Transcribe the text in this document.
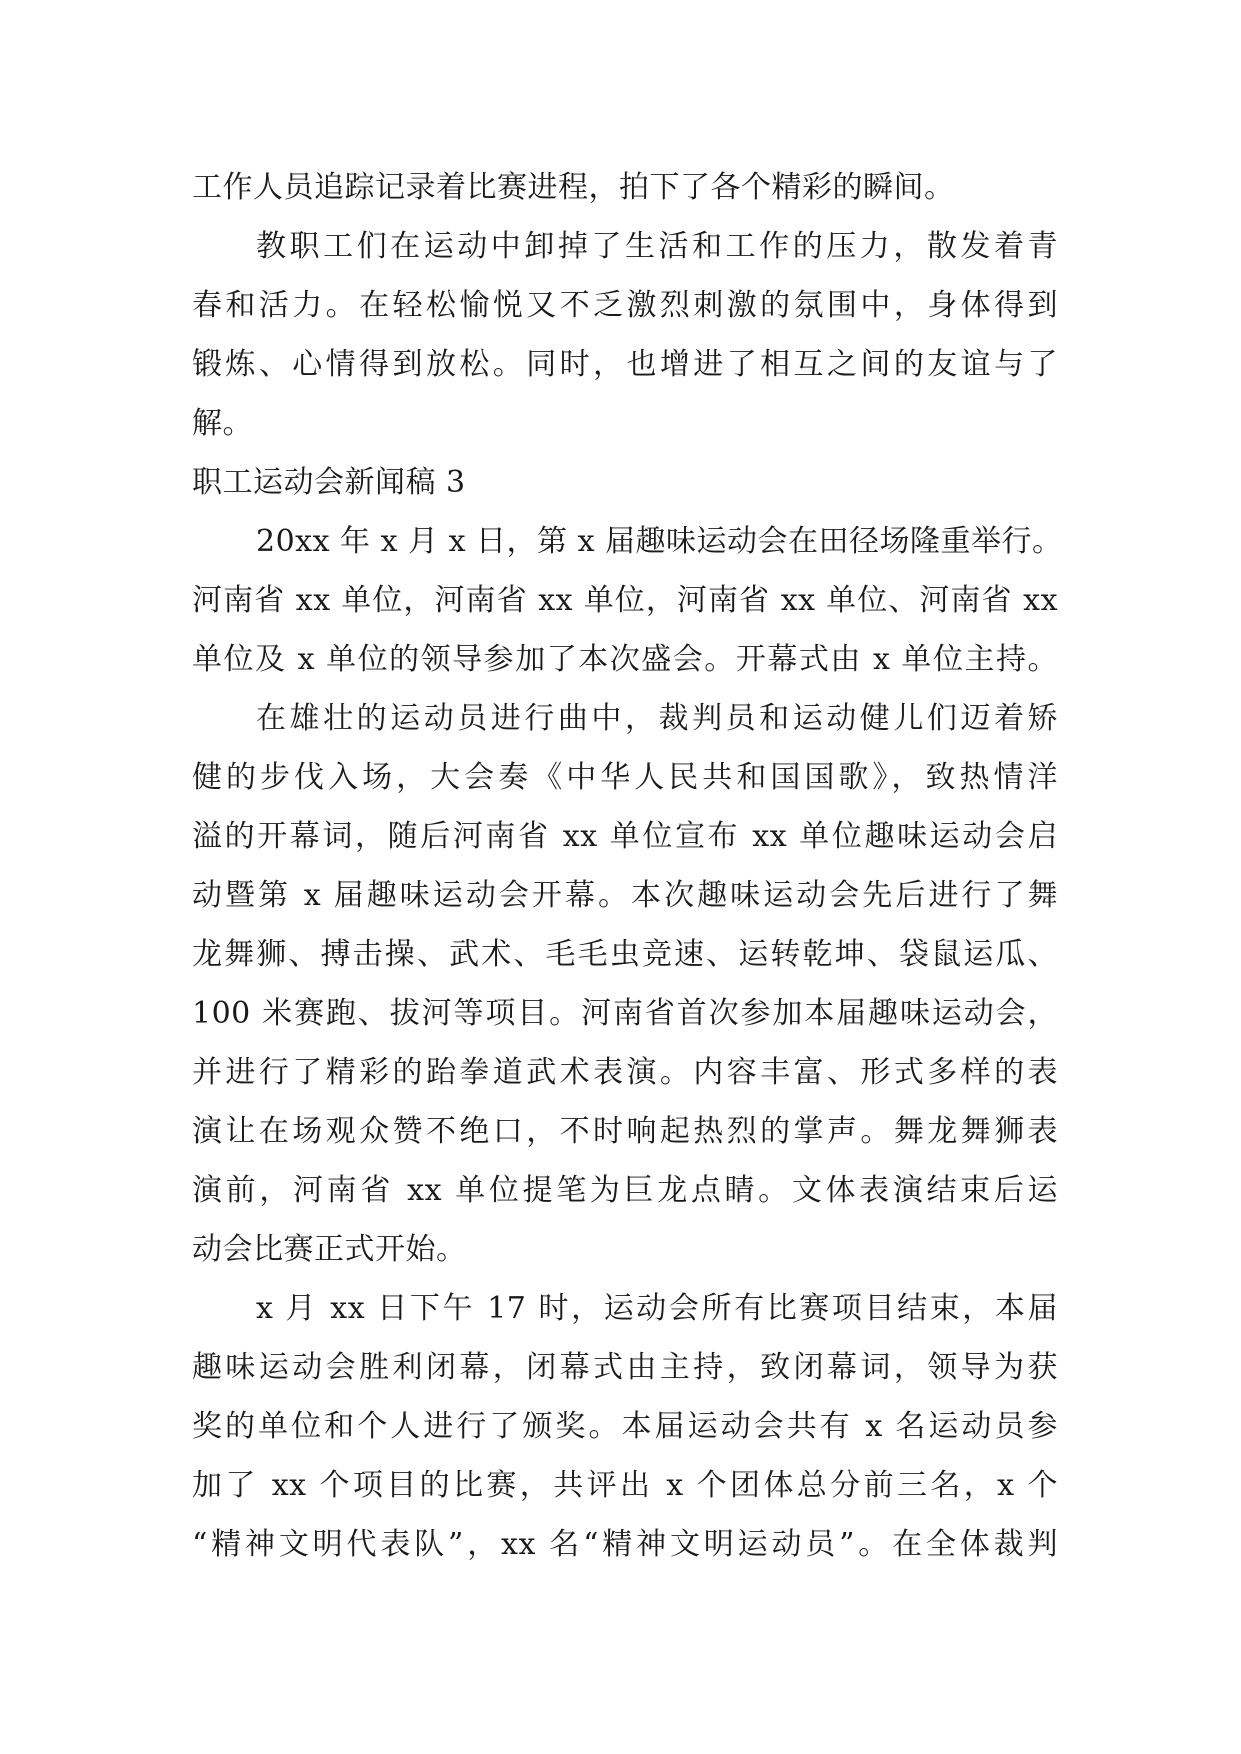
工作人员追踪记录着比赛进程，拍下了各个精彩的瞬间。
教职工们在运动中卸掉了生活和工作的压力，散发着青
春和活力。在轻松愉悦又不乏激烈刺激的氛围中，身体得到
锻炼、心情得到放松。同时，也增进了相互之间的友谊与了
解。
职工运动会新闻稿 3
20xx 年 x 月 x 日，第 x 届趣味运动会在田径场隆重举行。
河南省 xx 单位，河南省 xx 单位，河南省 xx 单位、河南省 xx
单位及 x 单位的领导参加了本次盛会。开幕式由 x 单位主持。
在雄壮的运动员进行曲中，裁判员和运动健儿们迈着矫
健的步伐入场，大会奏《中华人民共和国国歌》，致热情洋
溢的开幕词，随后河南省 xx 单位宣布 xx 单位趣味运动会启
动暨第 x 届趣味运动会开幕。本次趣味运动会先后进行了舞
龙舞狮、搏击操、武术、毛毛虫竞速、运转乾坤、袋鼠运瓜、
100 米赛跑、拔河等项目。河南省首次参加本届趣味运动会，
并进行了精彩的跆拳道武术表演。内容丰富、形式多样的表
演让在场观众赞不绝口，不时响起热烈的掌声。舞龙舞狮表
演前，河南省 xx 单位提笔为巨龙点睛。文体表演结束后运
动会比赛正式开始。
x 月 xx 日下午 17 时，运动会所有比赛项目结束，本届
趣味运动会胜利闭幕，闭幕式由主持，致闭幕词，领导为获
奖的单位和个人进行了颁奖。本届运动会共有 x 名运动员参
加了 xx 个项目的比赛，共评出 x 个团体总分前三名，x 个
“精神文明代表队”，xx 名“精神文明运动员”。在全体裁判
